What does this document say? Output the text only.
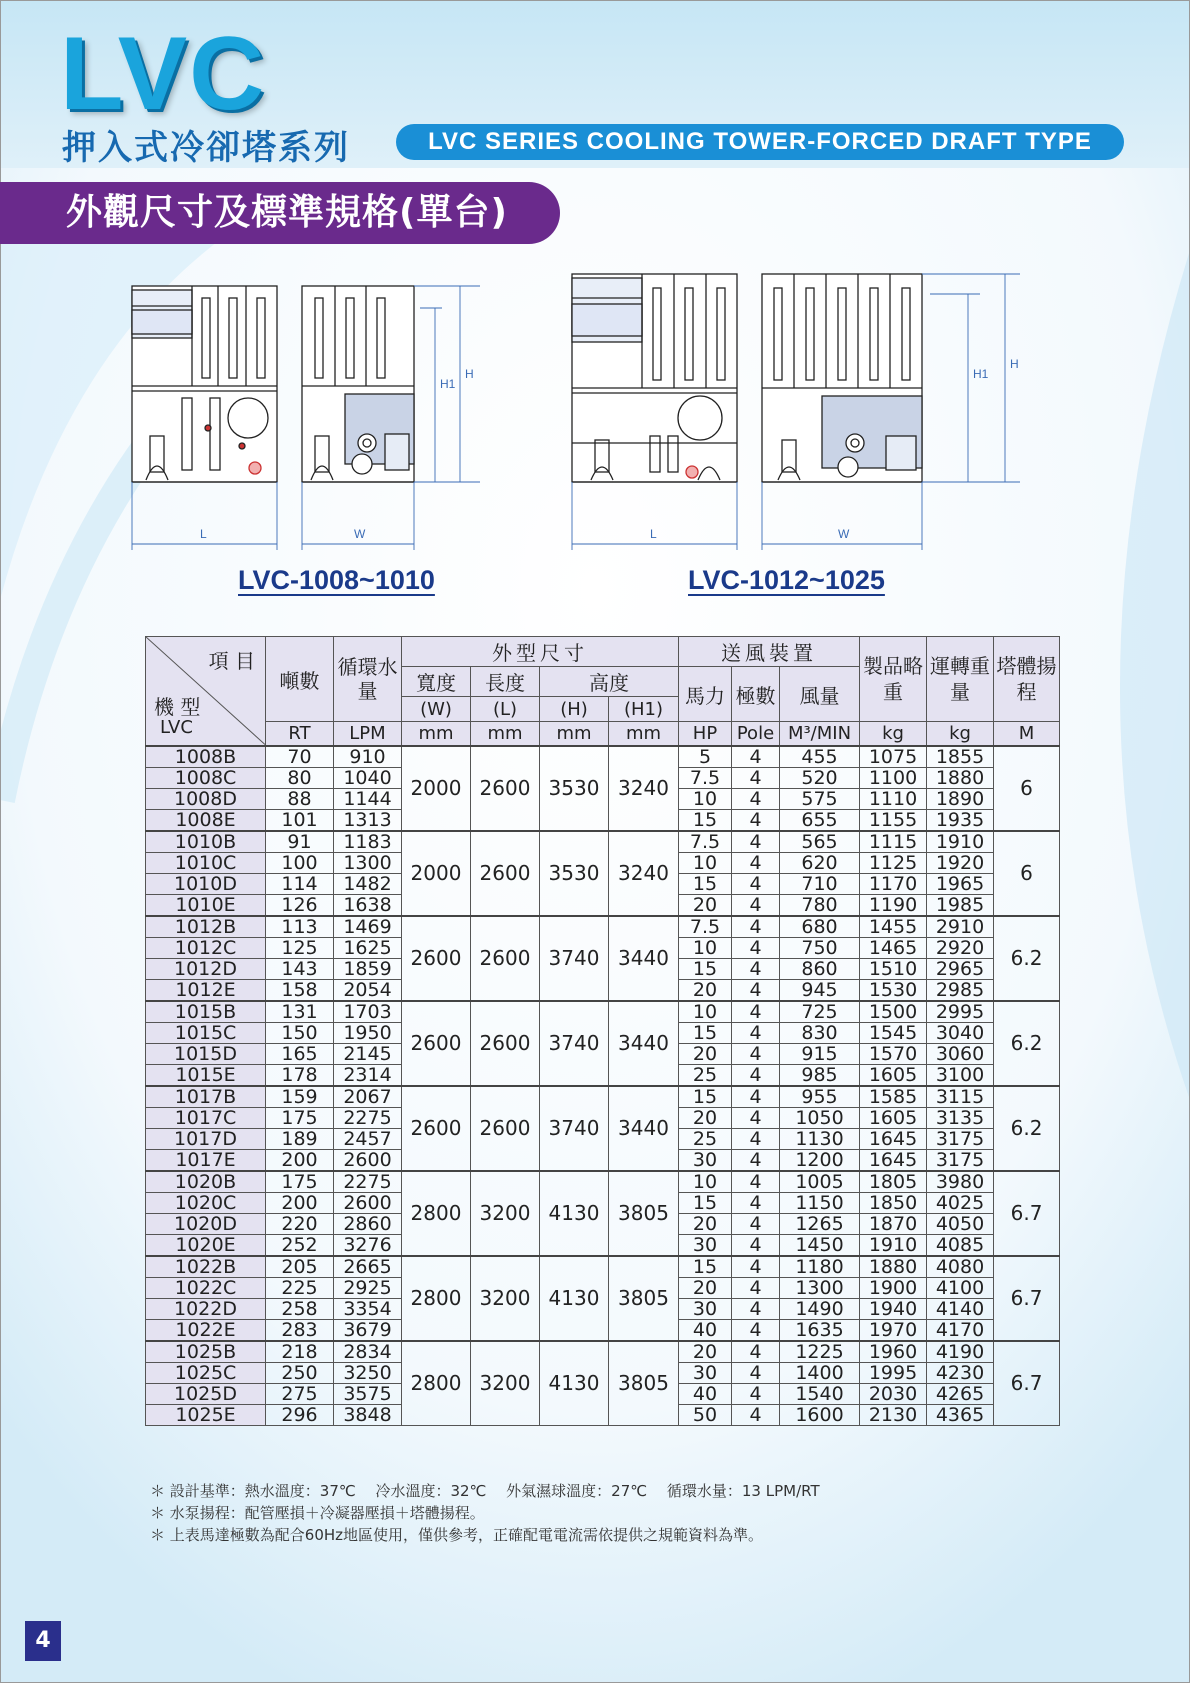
LVC
押入式冷卻塔系列	LVC SERIES COOLING TOWER-FORCED DRAFT TYPE
外觀尺寸及標準規格(單台)
L	W	L	W
H
H1
H
H1
LVC-1008~1010	LVC-1012~1025
項 目
機 型
LVC	噸數	循環水量	外型尺寸				送風裝置			製品略重	運轉重量	塔體揚程
			寬度	長度	高度		馬力	極數	風量			
			(W)	(L)	(H)	(H1)						
	RT	LPM	mm	mm	mm	mm	HP	Pole	M³/MIN	kg	kg	M
1008B	70	910	2000	2600	3530	3240	5	4	455	1075	1855	6
1008C	80	1040					7.5	4	520	1100	1880	
1008D	88	1144					10	4	575	1110	1890	
1008E	101	1313					15	4	655	1155	1935	
1010B	91	1183	2000	2600	3530	3240	7.5	4	565	1115	1910	6
1010C	100	1300					10	4	620	1125	1920	
1010D	114	1482					15	4	710	1170	1965	
1010E	126	1638					20	4	780	1190	1985	
1012B	113	1469	2600	2600	3740	3440	7.5	4	680	1455	2910	6.2
1012C	125	1625					10	4	750	1465	2920	
1012D	143	1859					15	4	860	1510	2965	
1012E	158	2054					20	4	945	1530	2985	
1015B	131	1703	2600	2600	3740	3440	10	4	725	1500	2995	6.2
1015C	150	1950					15	4	830	1545	3040	
1015D	165	2145					20	4	915	1570	3060	
1015E	178	2314					25	4	985	1605	3100	
1017B	159	2067	2600	2600	3740	3440	15	4	955	1585	3115	6.2
1017C	175	2275					20	4	1050	1605	3135	
1017D	189	2457					25	4	1130	1645	3175	
1017E	200	2600					30	4	1200	1645	3175	
1020B	175	2275	2800	3200	4130	3805	10	4	1005	1805	3980	6.7
1020C	200	2600					15	4	1150	1850	4025	
1020D	220	2860					20	4	1265	1870	4050	
1020E	252	3276					30	4	1450	1910	4085	
1022B	205	2665	2800	3200	4130	3805	15	4	1180	1880	4080	6.7
1022C	225	2925					20	4	1300	1900	4100	
1022D	258	3354					30	4	1490	1940	4140	
1022E	283	3679					40	4	1635	1970	4170	
1025B	218	2834	2800	3200	4130	3805	20	4	1225	1960	4190	6.7
1025C	250	3250					30	4	1400	1995	4230	
1025D	275	3575					40	4	1540	2030	4265	
1025E	296	3848					50	4	1600	2130	4365	
＊ 設計基準：熱水溫度：37℃　 冷水溫度：32℃　 外氣濕球溫度：27℃　 循環水量：13 LPM/RT
＊ 水泵揚程：配管壓損＋冷凝器壓損＋塔體揚程。
＊ 上表馬達極數為配合60Hz地區使用，僅供參考，正確配電電流需依提供之規範資料為準。
4
